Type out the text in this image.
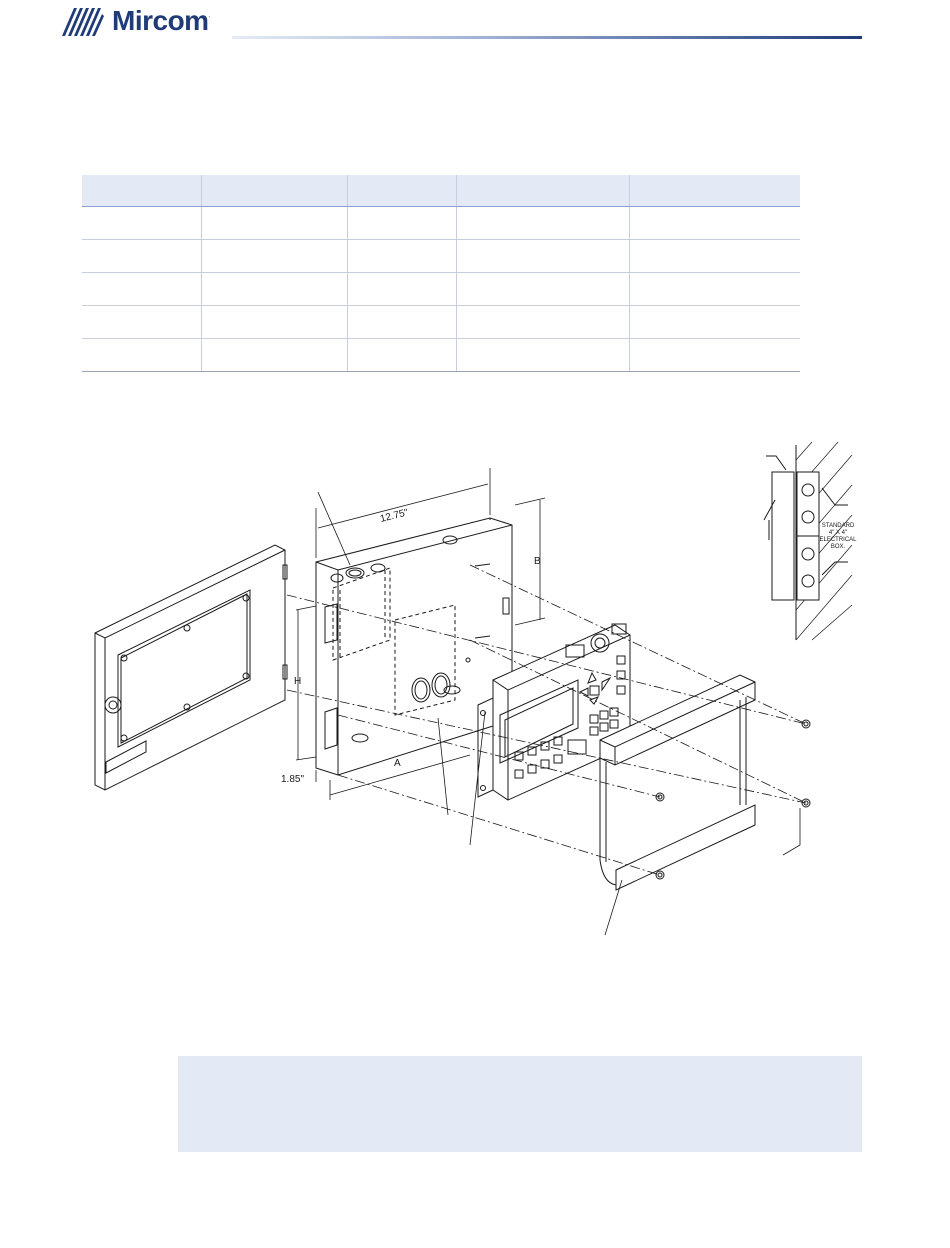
Mircom.

12.75"
B
H
A
1.85"
STANDARD
4" X 4"
ELECTRICAL
BOX.
